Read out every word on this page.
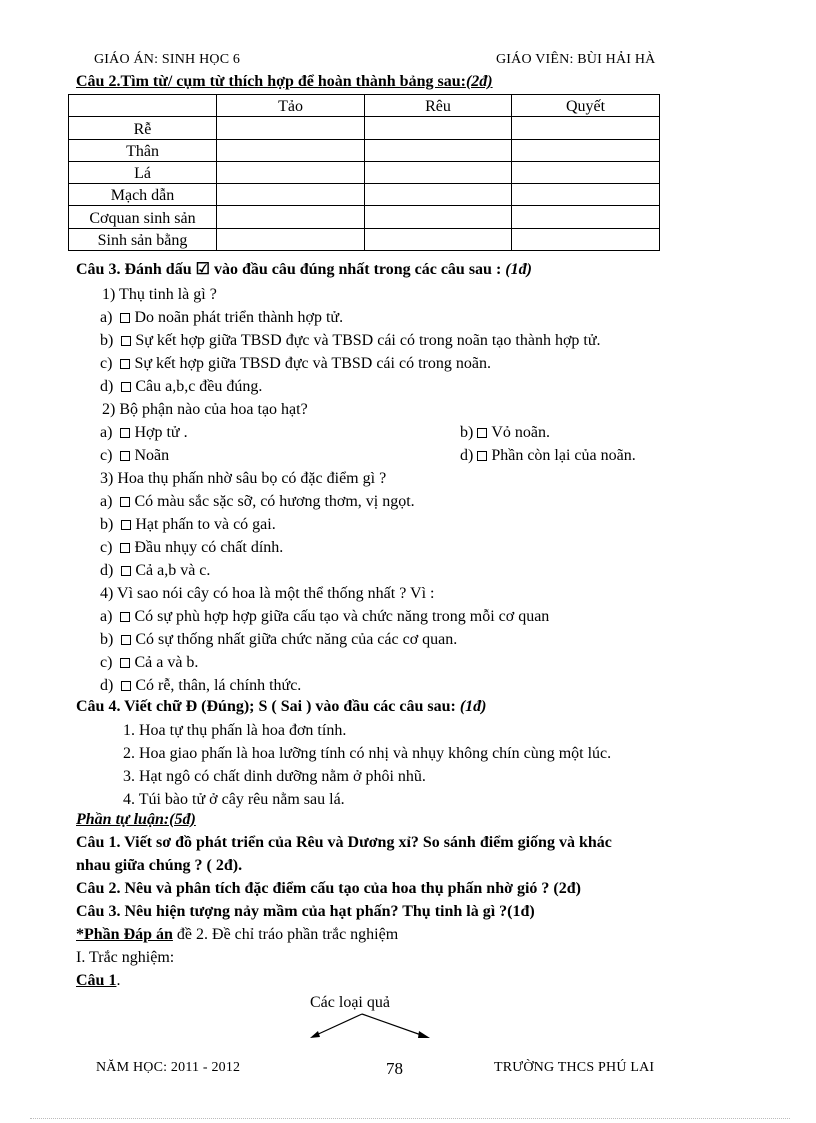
GIÁO ÁN: SINH HỌC 6	GIÁO VIÊN: BÙI HẢI HÀ
Câu 2.Tìm từ/ cụm từ thích hợp để hoàn thành bảng sau:(2đ)
	Tảo	Rêu	Quyết
Rễ			
Thân			
Lá			
Mạch dẫn			
Cơquan sinh sản			
Sinh sản bằng			
Câu 3. Đánh dấu ☑ vào đầu câu đúng nhất trong các câu sau : (1đ)
1) Thụ tinh là gì ?
a) Do noãn phát triển thành hợp tử.
b) Sự kết hợp giữa TBSD đực và TBSD cái có trong noãn tạo thành hợp tử.
c) Sự kết hợp giữa TBSD đực và TBSD cái có trong noãn.
d) Câu a,b,c đều đúng.
2) Bộ phận nào của hoa tạo hạt?
a) Hợp tử .	b) Vỏ noãn.
c) Noãn	d) Phần còn lại của noãn.
3) Hoa thụ phấn nhờ sâu bọ có đặc điểm gì ?
a) Có màu sắc sặc sỡ, có hương thơm, vị ngọt.
b) Hạt phấn to và có gai.
c) Đầu nhụy có chất dính.
d) Cả a,b và c.
4) Vì sao nói cây có hoa là một thể thống nhất ? Vì :
a) Có sự phù hợp hợp giữa cấu tạo và chức năng trong mỗi cơ quan
b) Có sự thống nhất giữa chức năng của các cơ quan.
c) Cả a và b.
d) Có rễ, thân, lá chính thức.
Câu 4. Viết chữ Đ (Đúng); S ( Sai ) vào đầu các câu sau: (1đ)
1. Hoa tự thụ phấn là hoa đơn tính.
2. Hoa giao phấn là hoa lưỡng tính có nhị và nhụy không chín cùng một lúc.
3. Hạt ngô có chất dinh dưỡng nằm ở phôi nhũ.
4. Túi bào tử ở cây rêu nằm sau lá.
Phần tự luận:(5đ)
Câu 1. Viết sơ đồ phát triển của Rêu và Dương xỉ? So sánh điểm giống và khác
nhau giữa chúng ? ( 2đ).
Câu 2. Nêu và phân tích đặc điểm cấu tạo của hoa thụ phấn nhờ gió ? (2đ)
Câu 3. Nêu hiện tượng nảy mầm của hạt phấn? Thụ tinh là gì ?(1đ)
*Phần Đáp án đề 2. Đề chỉ tráo phần trắc nghiệm
I. Trắc nghiệm:
Câu 1.
Các loại quả
NĂM HỌC: 2011 - 2012	78	TRƯỜNG THCS PHÚ LAI
